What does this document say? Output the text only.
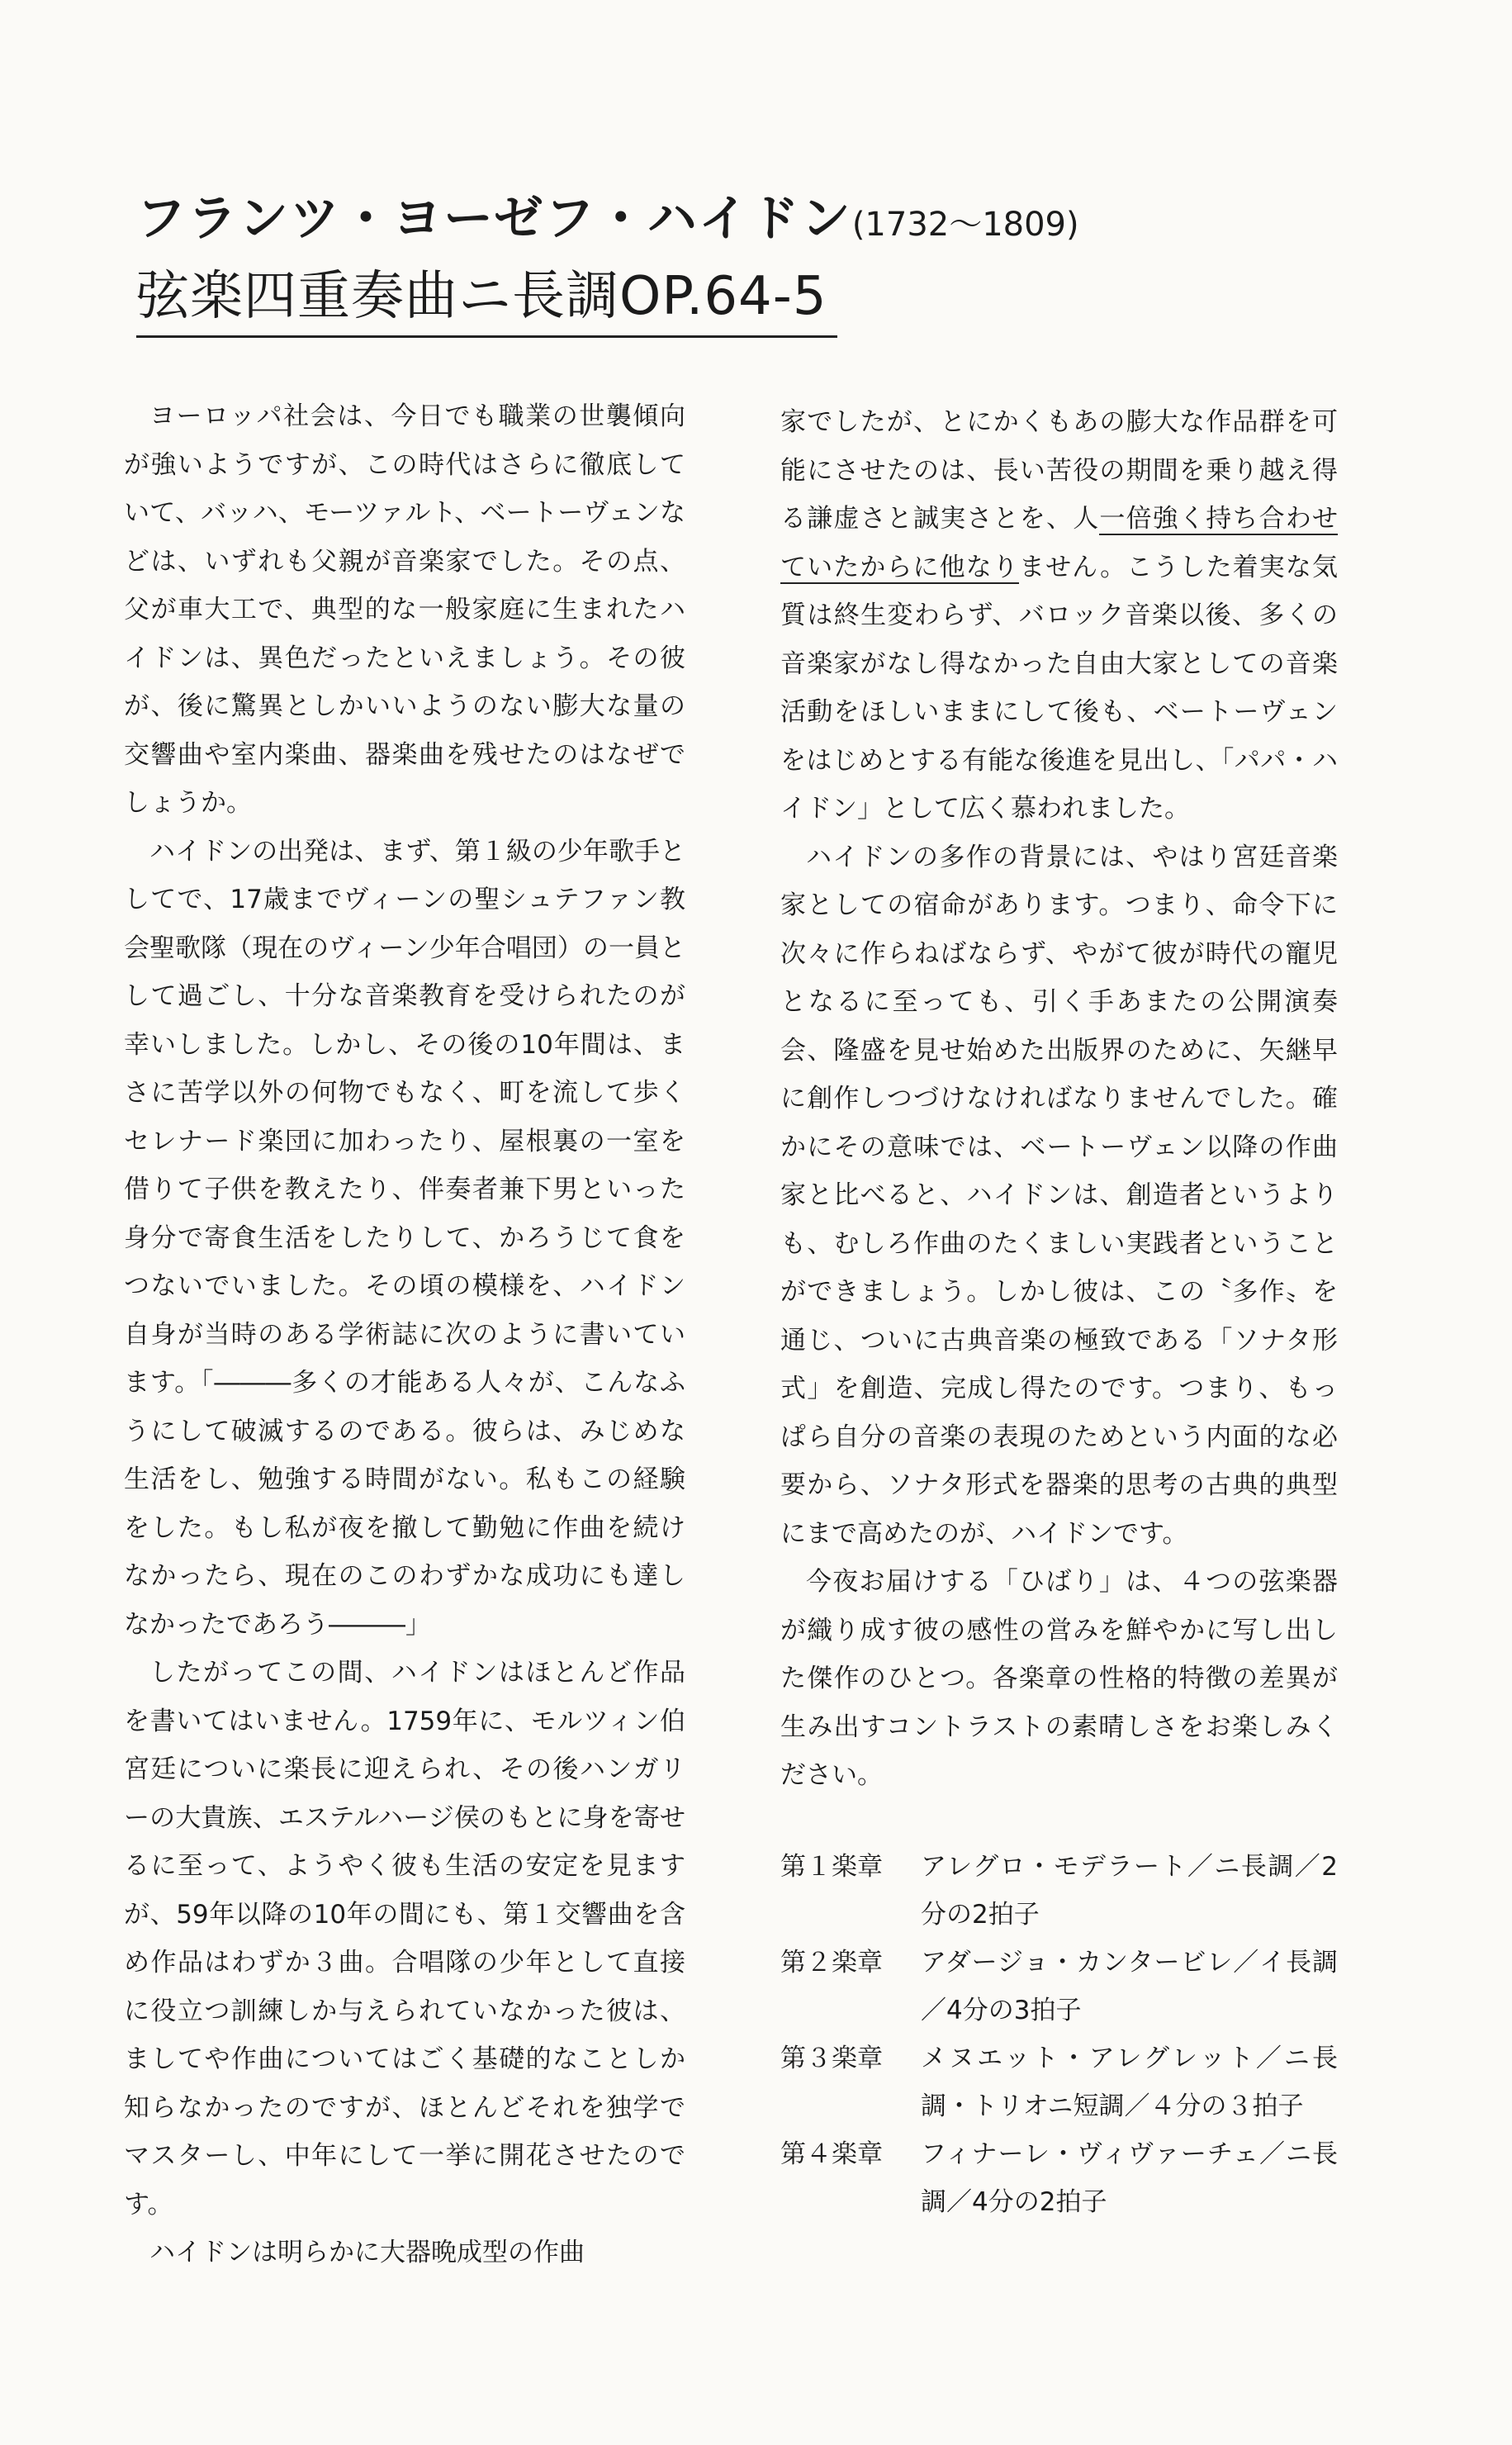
フランツ・ヨーゼフ・ハイドン(1732〜1809)
弦楽四重奏曲ニ長調OP.64-5

ヨーロッパ社会は、今日でも職業の世襲傾向が強いようですが、この時代はさらに徹底していて、バッハ、モーツァルト、ベートーヴェンなどは、いずれも父親が音楽家でした。その点、父が車大工で、典型的な一般家庭に生まれたハイドンは、異色だったといえましょう。その彼が、後に驚異としかいいようのない膨大な量の交響曲や室内楽曲、器楽曲を残せたのはなぜでしょうか。

ハイドンの出発は、まず、第１級の少年歌手としてで、17歳までヴィーンの聖シュテファン教会聖歌隊（現在のヴィーン少年合唱団）の一員として過ごし、十分な音楽教育を受けられたのが幸いしました。しかし、その後の10年間は、まさに苦学以外の何物でもなく、町を流して歩くセレナード楽団に加わったり、屋根裏の一室を借りて子供を教えたり、伴奏者兼下男といった身分で寄食生活をしたりして、かろうじて食をつないでいました。その頃の模様を、ハイドン自身が当時のある学術誌に次のように書いています。「―――多くの才能ある人々が、こんなふうにして破滅するのである。彼らは、みじめな生活をし、勉強する時間がない。私もこの経験をした。もし私が夜を撤して勤勉に作曲を続けなかったら、現在のこのわずかな成功にも達しなかったであろう―――」

したがってこの間、ハイドンはほとんど作品を書いてはいません。1759年に、モルツィン伯宮廷についに楽長に迎えられ、その後ハンガリーの大貴族、エステルハージ侯のもとに身を寄せるに至って、ようやく彼も生活の安定を見ますが、59年以降の10年の間にも、第１交響曲を含め作品はわずか３曲。合唱隊の少年として直接に役立つ訓練しか与えられていなかった彼は、ましてや作曲についてはごく基礎的なことしか知らなかったのですが、ほとんどそれを独学でマスターし、中年にして一挙に開花させたのです。

ハイドンは明らかに大器晩成型の作曲

家でしたが、とにかくもあの膨大な作品群を可能にさせたのは、長い苦役の期間を乗り越え得る謙虚さと誠実さとを、人一倍強く持ち合わせていたからに他なりません。こうした着実な気質は終生変わらず、バロック音楽以後、多くの音楽家がなし得なかった自由大家としての音楽活動をほしいままにして後も、ベートーヴェンをはじめとする有能な後進を見出し、「パパ・ハイドン」として広く慕われました。

ハイドンの多作の背景には、やはり宮廷音楽家としての宿命があります。つまり、命令下に次々に作らねばならず、やがて彼が時代の寵児となるに至っても、引く手あまたの公開演奏会、隆盛を見せ始めた出版界のために、矢継早に創作しつづけなければなりませんでした。確かにその意味では、ベートーヴェン以降の作曲家と比べると、ハイドンは、創造者というよりも、むしろ作曲のたくましい実践者ということができましょう。しかし彼は、この〝多作〟を通じ、ついに古典音楽の極致である「ソナタ形式」を創造、完成し得たのです。つまり、もっぱら自分の音楽の表現のためという内面的な必要から、ソナタ形式を器楽的思考の古典的典型にまで高めたのが、ハイドンです。

今夜お届けする「ひばり」は、４つの弦楽器が織り成す彼の感性の営みを鮮やかに写し出した傑作のひとつ。各楽章の性格的特徴の差異が生み出すコントラストの素晴しさをお楽しみください。

第１楽章	アレグロ・モデラート／ニ長調／2分の2拍子
第２楽章	アダージョ・カンタービレ／イ長調／4分の3拍子
第３楽章	メヌエット・アレグレット／ニ長調・トリオニ短調／４分の３拍子
第４楽章	フィナーレ・ヴィヴァーチェ／ニ長調／4分の2拍子
